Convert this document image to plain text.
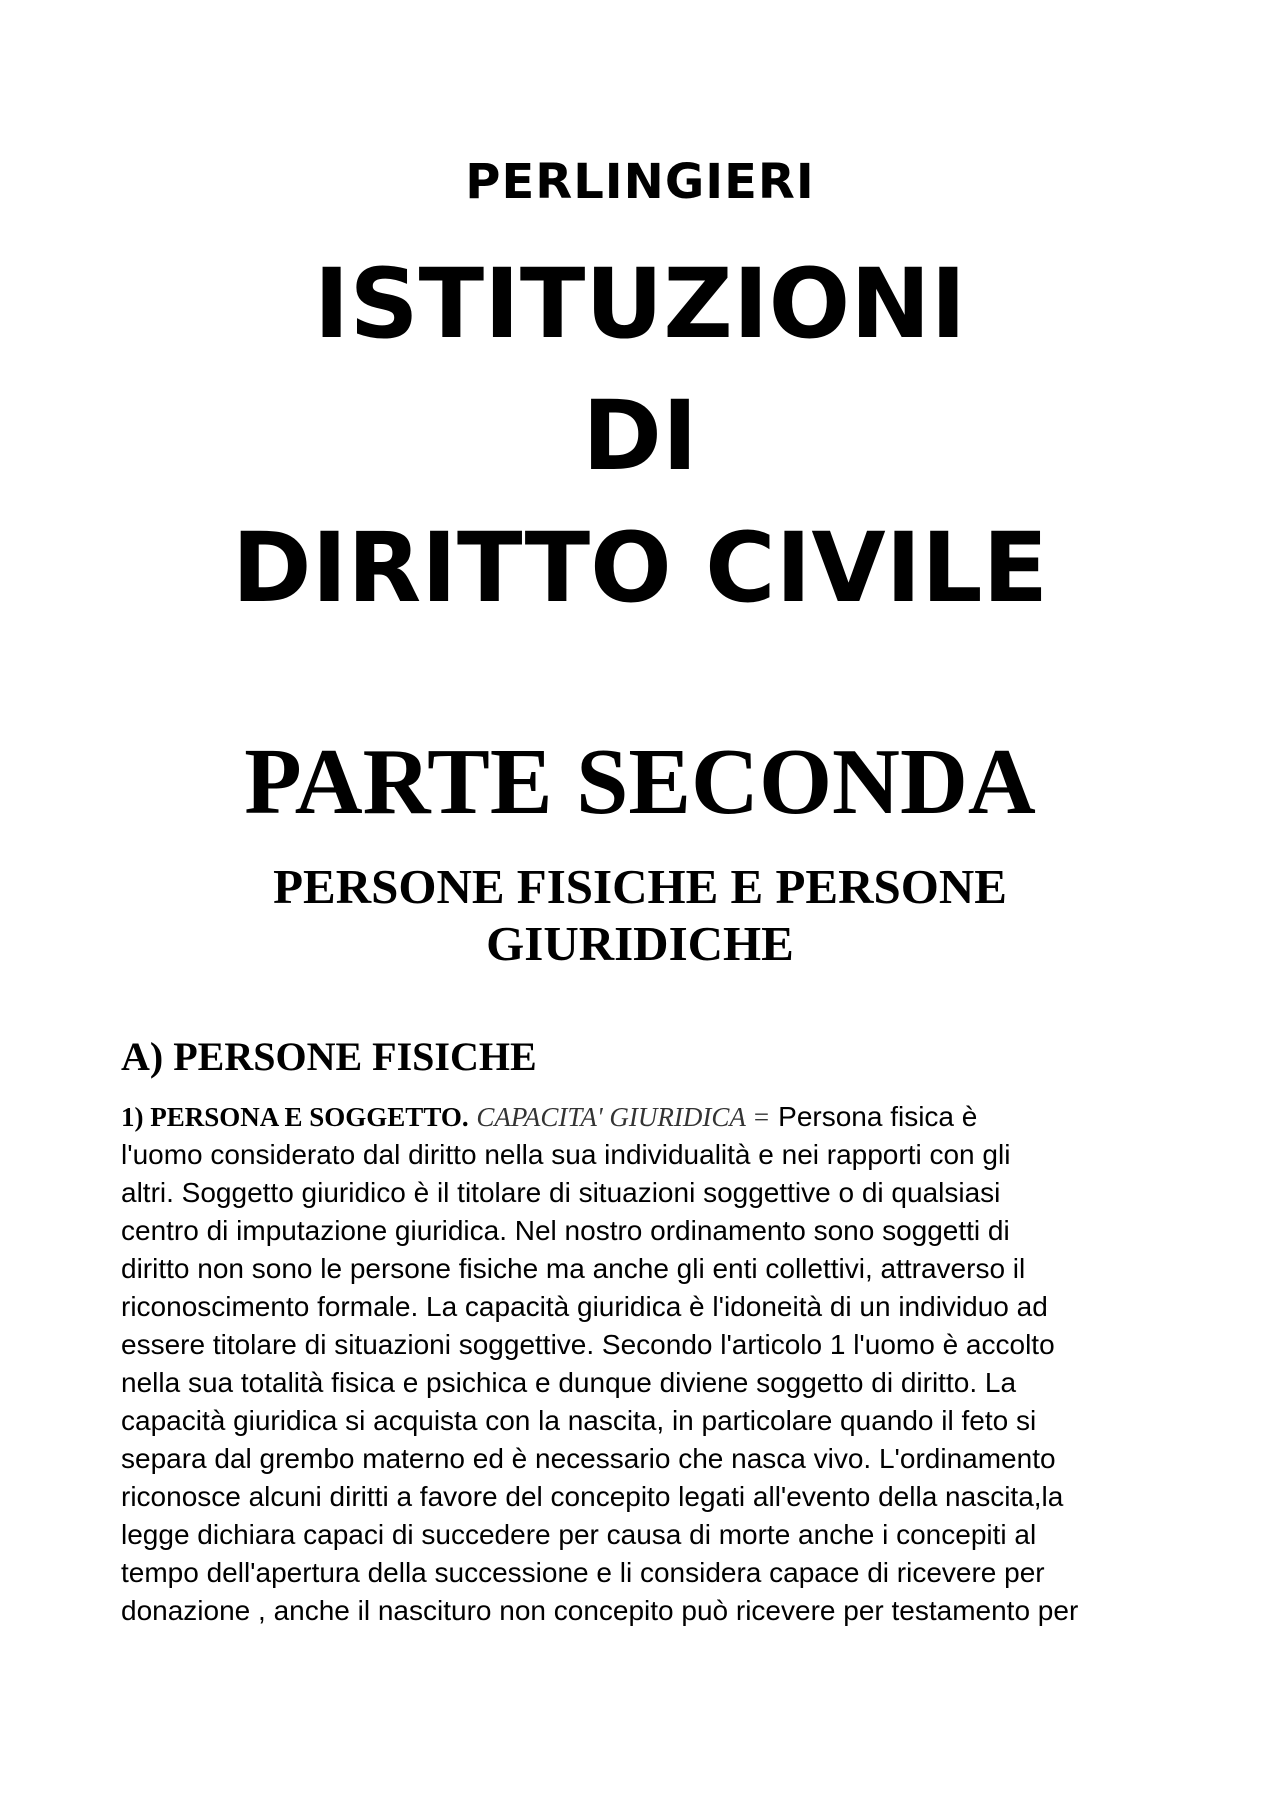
PERLINGIERI
ISTITUZIONI
DI
DIRITTO CIVILE
PARTE SECONDA
PERSONE FISICHE E PERSONE
GIURIDICHE
A) PERSONE FISICHE
1) PERSONA E SOGGETTO. CAPACITA' GIURIDICA = Persona fisica è
l'uomo considerato dal diritto nella sua individualità e nei rapporti con gli
altri. Soggetto giuridico è il titolare di situazioni soggettive o di qualsiasi
centro di imputazione giuridica. Nel nostro ordinamento sono soggetti di
diritto non sono le persone fisiche ma anche gli enti collettivi, attraverso il
riconoscimento formale. La capacità giuridica è l'idoneità di un individuo ad
essere titolare di situazioni soggettive. Secondo l'articolo 1 l'uomo è accolto
nella sua totalità fisica e psichica e dunque diviene soggetto di diritto. La
capacità giuridica si acquista con la nascita, in particolare quando il feto si
separa dal grembo materno ed è necessario che nasca vivo. L'ordinamento
riconosce alcuni diritti a favore del concepito legati all'evento della nascita,la
legge dichiara capaci di succedere per causa di morte anche i concepiti al
tempo dell'apertura della successione e li considera capace di ricevere per
donazione , anche il nascituro non concepito può ricevere per testamento per
